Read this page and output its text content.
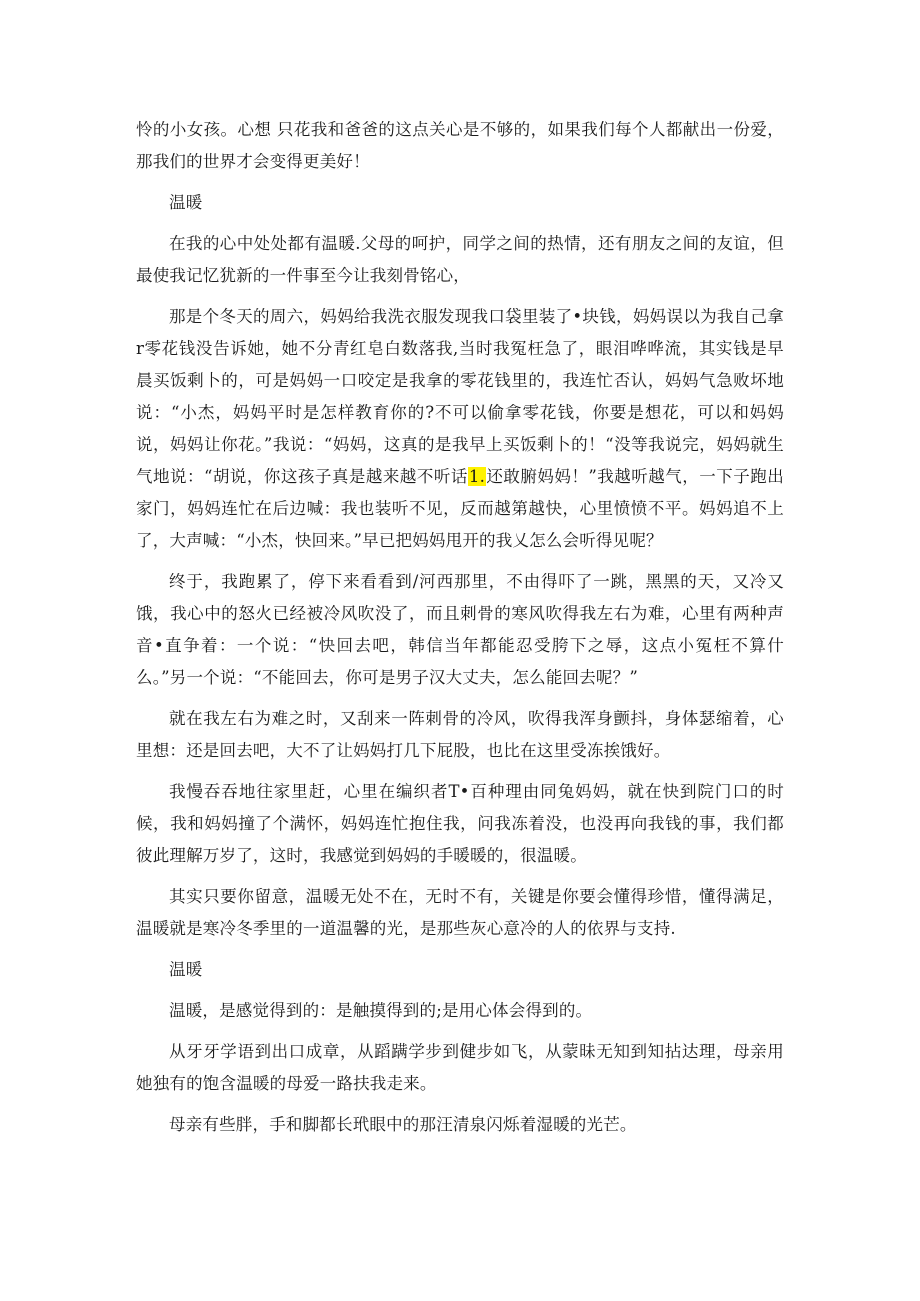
怜的小女孩。心想 只花我和爸爸的这点关心是不够的，如果我们每个人都献出一份爱，那我们的世界才会变得更美好！

温暖

在我的心中处处都有温暖.父母的呵护，同学之间的热情，还有朋友之间的友谊，但最使我记忆犹新的一件事至今让我刻骨铭心，

那是个冬天的周六，妈妈给我洗衣服发现我口袋里装了•块钱，妈妈误以为我自己拿r零花钱没告诉她，她不分青红皂白数落我,当时我冤枉急了，眼泪哗哗流，其实钱是早晨买饭剩卜的，可是妈妈一口咬定是我拿的零花钱里的，我连忙否认，妈妈气急败坏地说：“小杰，妈妈平时是怎样教育你的?不可以偷拿零花钱，你要是想花，可以和妈妈说，妈妈让你花。”我说：“妈妈，这真的是我早上买饭剩卜的！“没等我说完，妈妈就生气地说：“胡说，你这孩子真是越来越不听话1.还敢腑妈妈！”我越听越气，一下子跑出家门，妈妈连忙在后边喊：我也装听不见，反而越第越快，心里愤愤不平。妈妈追不上了，大声喊：“小杰，快回来。”早已把妈妈甩开的我乂怎么会听得见呢？

终于，我跑累了，停下来看看到/河西那里，不由得吓了一跳，黑黑的天，又冷又饿，我心中的怒火已经被冷风吹没了，而且刺骨的寒风吹得我左右为难，心里有两种声音•直争着：一个说：“快回去吧，韩信当年都能忍受胯下之辱，这点小冤枉不算什么。”另一个说：“不能回去，你可是男子汉大丈夫，怎么能回去呢？”

就在我左右为难之时，又刮来一阵刺骨的冷风，吹得我浑身颤抖，身体瑟缩着，心里想：还是回去吧，大不了让妈妈打几下屁股，也比在这里受冻挨饿好。

我慢吞吞地往家里赶，心里在编织者T•百种理由同兔妈妈，就在快到院门口的时候，我和妈妈撞了个满怀，妈妈连忙抱住我，问我冻着没，也没再向我钱的事，我们都彼此理解万岁了，这时，我感觉到妈妈的手暖暖的，很温暖。

其实只要你留意，温暖无处不在，无时不有，关键是你要会懂得珍惜，懂得满足，温暖就是寒冷冬季里的一道温馨的光，是那些灰心意冷的人的依界与支持.

温暖

温暖，是感觉得到的：是触摸得到的;是用心体会得到的。

从牙牙学语到出口成章，从蹈蹒学步到健步如飞，从蒙昧无知到知拈达理，母亲用她独有的饱含温暖的母爱一路扶我走来。

母亲有些胖，手和脚都长玳眼中的那汪清泉闪烁着湿暖的光芒。
